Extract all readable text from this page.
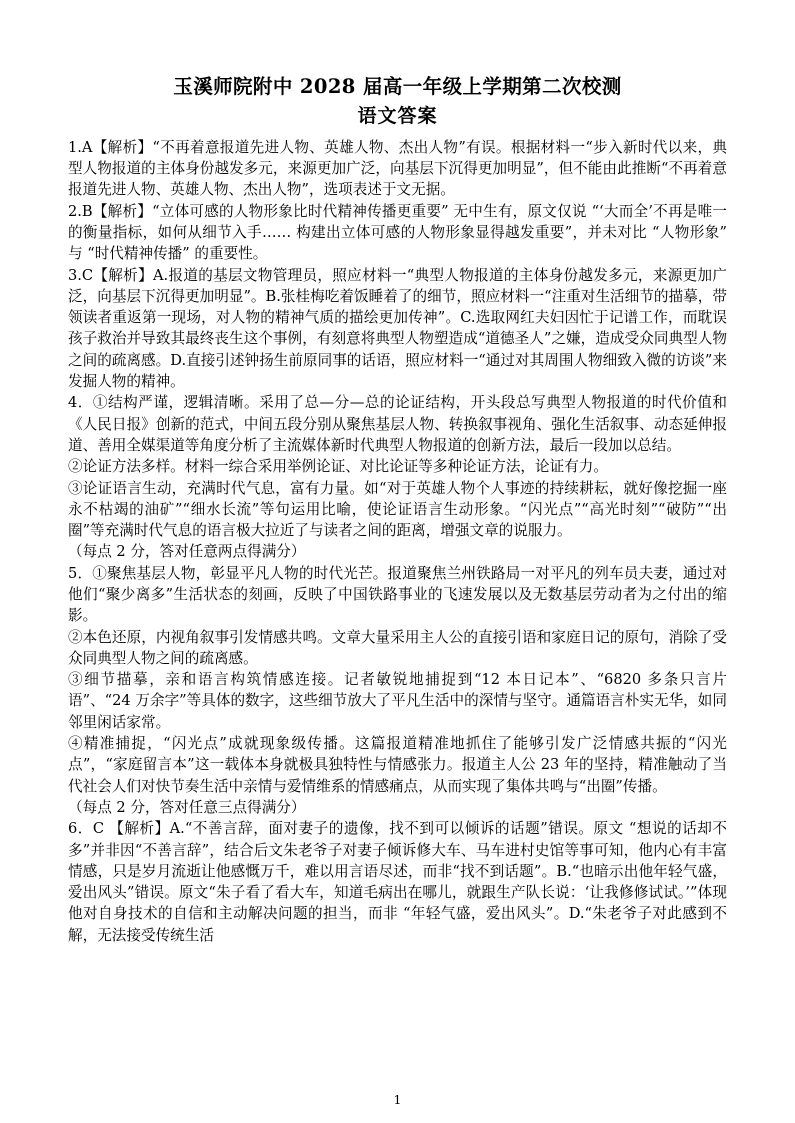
玉溪师院附中 2028 届高一年级上学期第二次校测
语文答案

1.A【解析】“不再着意报道先进人物、英雄人物、杰出人物”有误。根据材料一“步入新时代以来，典型人物报道的主体身份越发多元，来源更加广泛，向基层下沉得更加明显”，但不能由此推断“不再着意报道先进人物、英雄人物、杰出人物”，选项表述于文无据。

2.B【解析】“立体可感的人物形象比时代精神传播更重要” 无中生有，原文仅说 “‘大而全’不再是唯一的衡量指标，如何从细节入手…… 构建出立体可感的人物形象显得越发重要”，并未对比 “人物形象” 与 “时代精神传播” 的重要性。

3.C【解析】A.报道的基层文物管理员，照应材料一“典型人物报道的主体身份越发多元，来源更加广泛，向基层下沉得更加明显”。B.张桂梅吃着饭睡着了的细节，照应材料一“注重对生活细节的描摹，带领读者重返第一现场，对人物的精神气质的描绘更加传神”。C.选取网红夫妇因忙于记谱工作，而耽误孩子救治并导致其最终丧生这个事例，有刻意将典型人物塑造成“道德圣人”之嫌，造成受众同典型人物之间的疏离感。D.直接引述钟扬生前原同事的话语，照应材料一“通过对其周围人物细致入微的访谈”来发掘人物的精神。

4．①结构严谨，逻辑清晰。采用了总—分—总的论证结构，开头段总写典型人物报道的时代价值和《人民日报》创新的范式，中间五段分别从聚焦基层人物、转换叙事视角、强化生活叙事、动态延伸报道、善用全媒渠道等角度分析了主流媒体新时代典型人物报道的创新方法，最后一段加以总结。

②论证方法多样。材料一综合采用举例论证、对比论证等多种论证方法，论证有力。

③论证语言生动，充满时代气息，富有力量。如“对于英雄人物个人事迹的持续耕耘，就好像挖掘一座永不枯竭的油矿”“细水长流”等句运用比喻，使论证语言生动形象。“闪光点”“高光时刻”“破防”“出圈”等充满时代气息的语言极大拉近了与读者之间的距离，增强文章的说服力。

（每点 2 分，答对任意两点得满分）

5．①聚焦基层人物，彰显平凡人物的时代光芒。报道聚焦兰州铁路局一对平凡的列车员夫妻，通过对他们“聚少离多”生活状态的刻画，反映了中国铁路事业的飞速发展以及无数基层劳动者为之付出的缩影。

②本色还原，内视角叙事引发情感共鸣。文章大量采用主人公的直接引语和家庭日记的原句，消除了受众同典型人物之间的疏离感。

③细节描摹，亲和语言构筑情感连接。记者敏锐地捕捉到“12 本日记本”、“6820 多条只言片语”、“24 万余字”等具体的数字，这些细节放大了平凡生活中的深情与坚守。通篇语言朴实无华，如同邻里闲话家常。

④精准捕捉，“闪光点”成就现象级传播。这篇报道精准地抓住了能够引发广泛情感共振的“闪光点”，“家庭留言本”这一载体本身就极具独特性与情感张力。报道主人公 23 年的坚持，精准触动了当代社会人们对快节奏生活中亲情与爱情维系的情感痛点，从而实现了集体共鸣与“出圈”传播。

（每点 2 分，答对任意三点得满分）

6．C 【解析】A.“不善言辞，面对妻子的遗像，找不到可以倾诉的话题”错误。原文 “想说的话却不多”并非因“不善言辞”，结合后文朱老爷子对妻子倾诉修大车、马车进村史馆等事可知，他内心有丰富情感，只是岁月流逝让他感慨万千，难以用言语尽述，而非“找不到话题”。B.“也暗示出他年轻气盛，爱出风头”错误。原文“朱子看了看大车，知道毛病出在哪儿，就跟生产队长说：‘让我修修试试。’”体现他对自身技术的自信和主动解决问题的担当，而非 “年轻气盛，爱出风头”。D.“朱老爷子对此感到不解，无法接受传统生活

1
